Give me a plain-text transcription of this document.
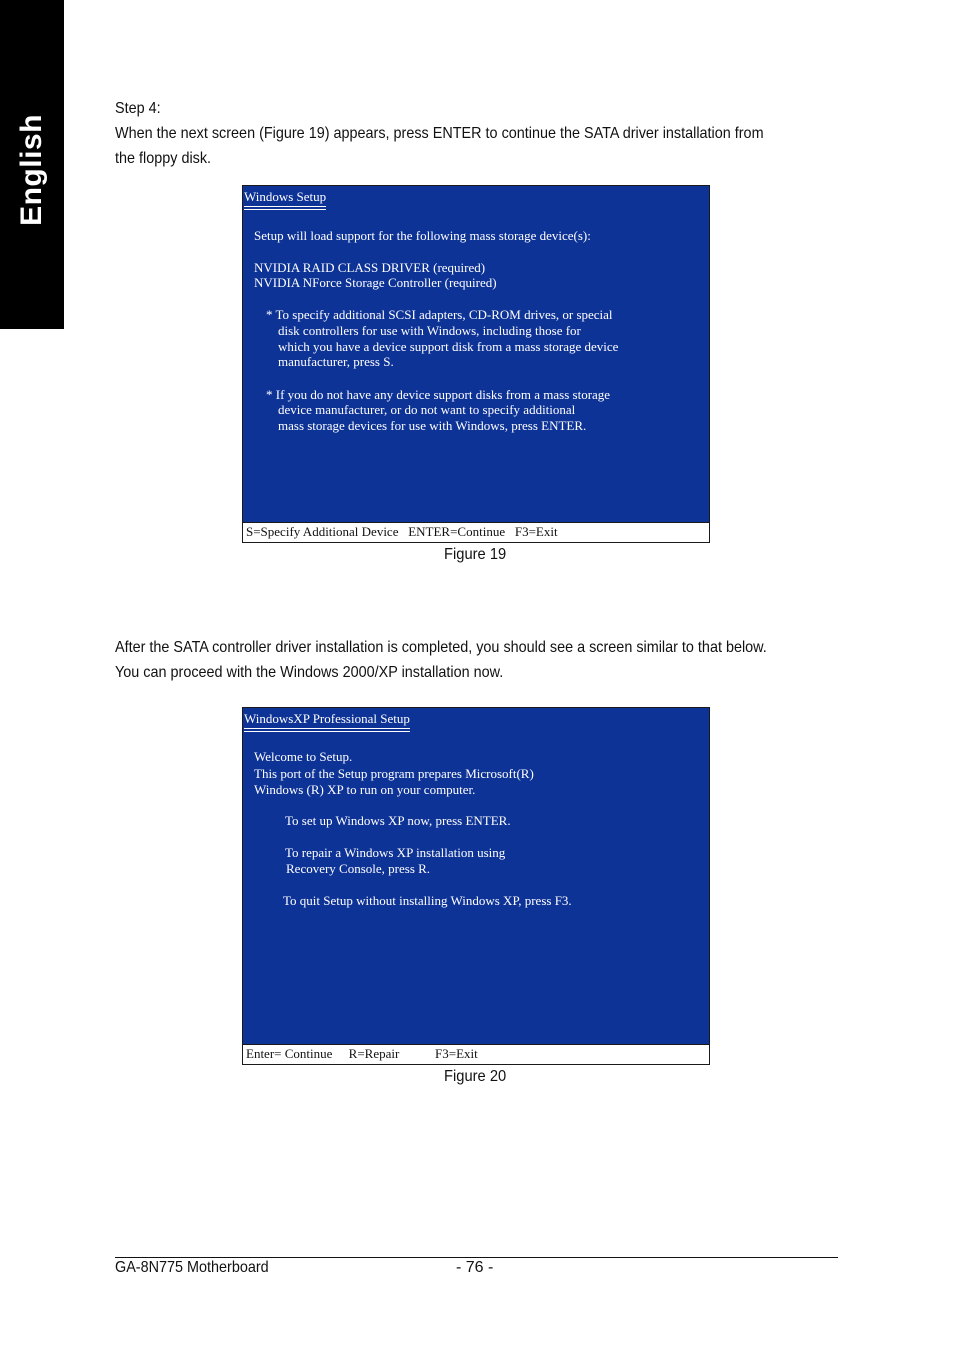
English

Step 4:

When the next screen (Figure 19) appears, press ENTER to continue the SATA driver installation from

the floppy disk.

Windows Setup
Setup will load support for the following mass storage device(s):
NVIDIA RAID CLASS DRIVER (required)
NVIDIA NForce Storage Controller (required)
* To specify additional SCSI adapters, CD-ROM drives, or special
disk controllers for use with Windows, including those for
which you have a device support disk from a mass storage device
manufacturer, press S.
* If you do not have any device support disks from a mass storage
device manufacturer, or do not want to specify additional
mass storage devices for use with Windows, press ENTER.
S=Specify Additional Device   ENTER=Continue   F3=Exit
Figure 19

After the SATA controller driver installation is completed, you should see a screen similar to that below.

You can proceed with the Windows 2000/XP installation now.

WindowsXP Professional Setup
Welcome to Setup.
This port of the Setup program prepares Microsoft(R)
Windows (R) XP to run on your computer.
To set up Windows XP now, press ENTER.
To repair a Windows XP installation using
Recovery Console, press R.
To quit Setup without installing Windows XP, press F3.
Enter= Continue     R=Repair           F3=Exit
Figure 20
GA-8N775 Motherboard	- 76 -
